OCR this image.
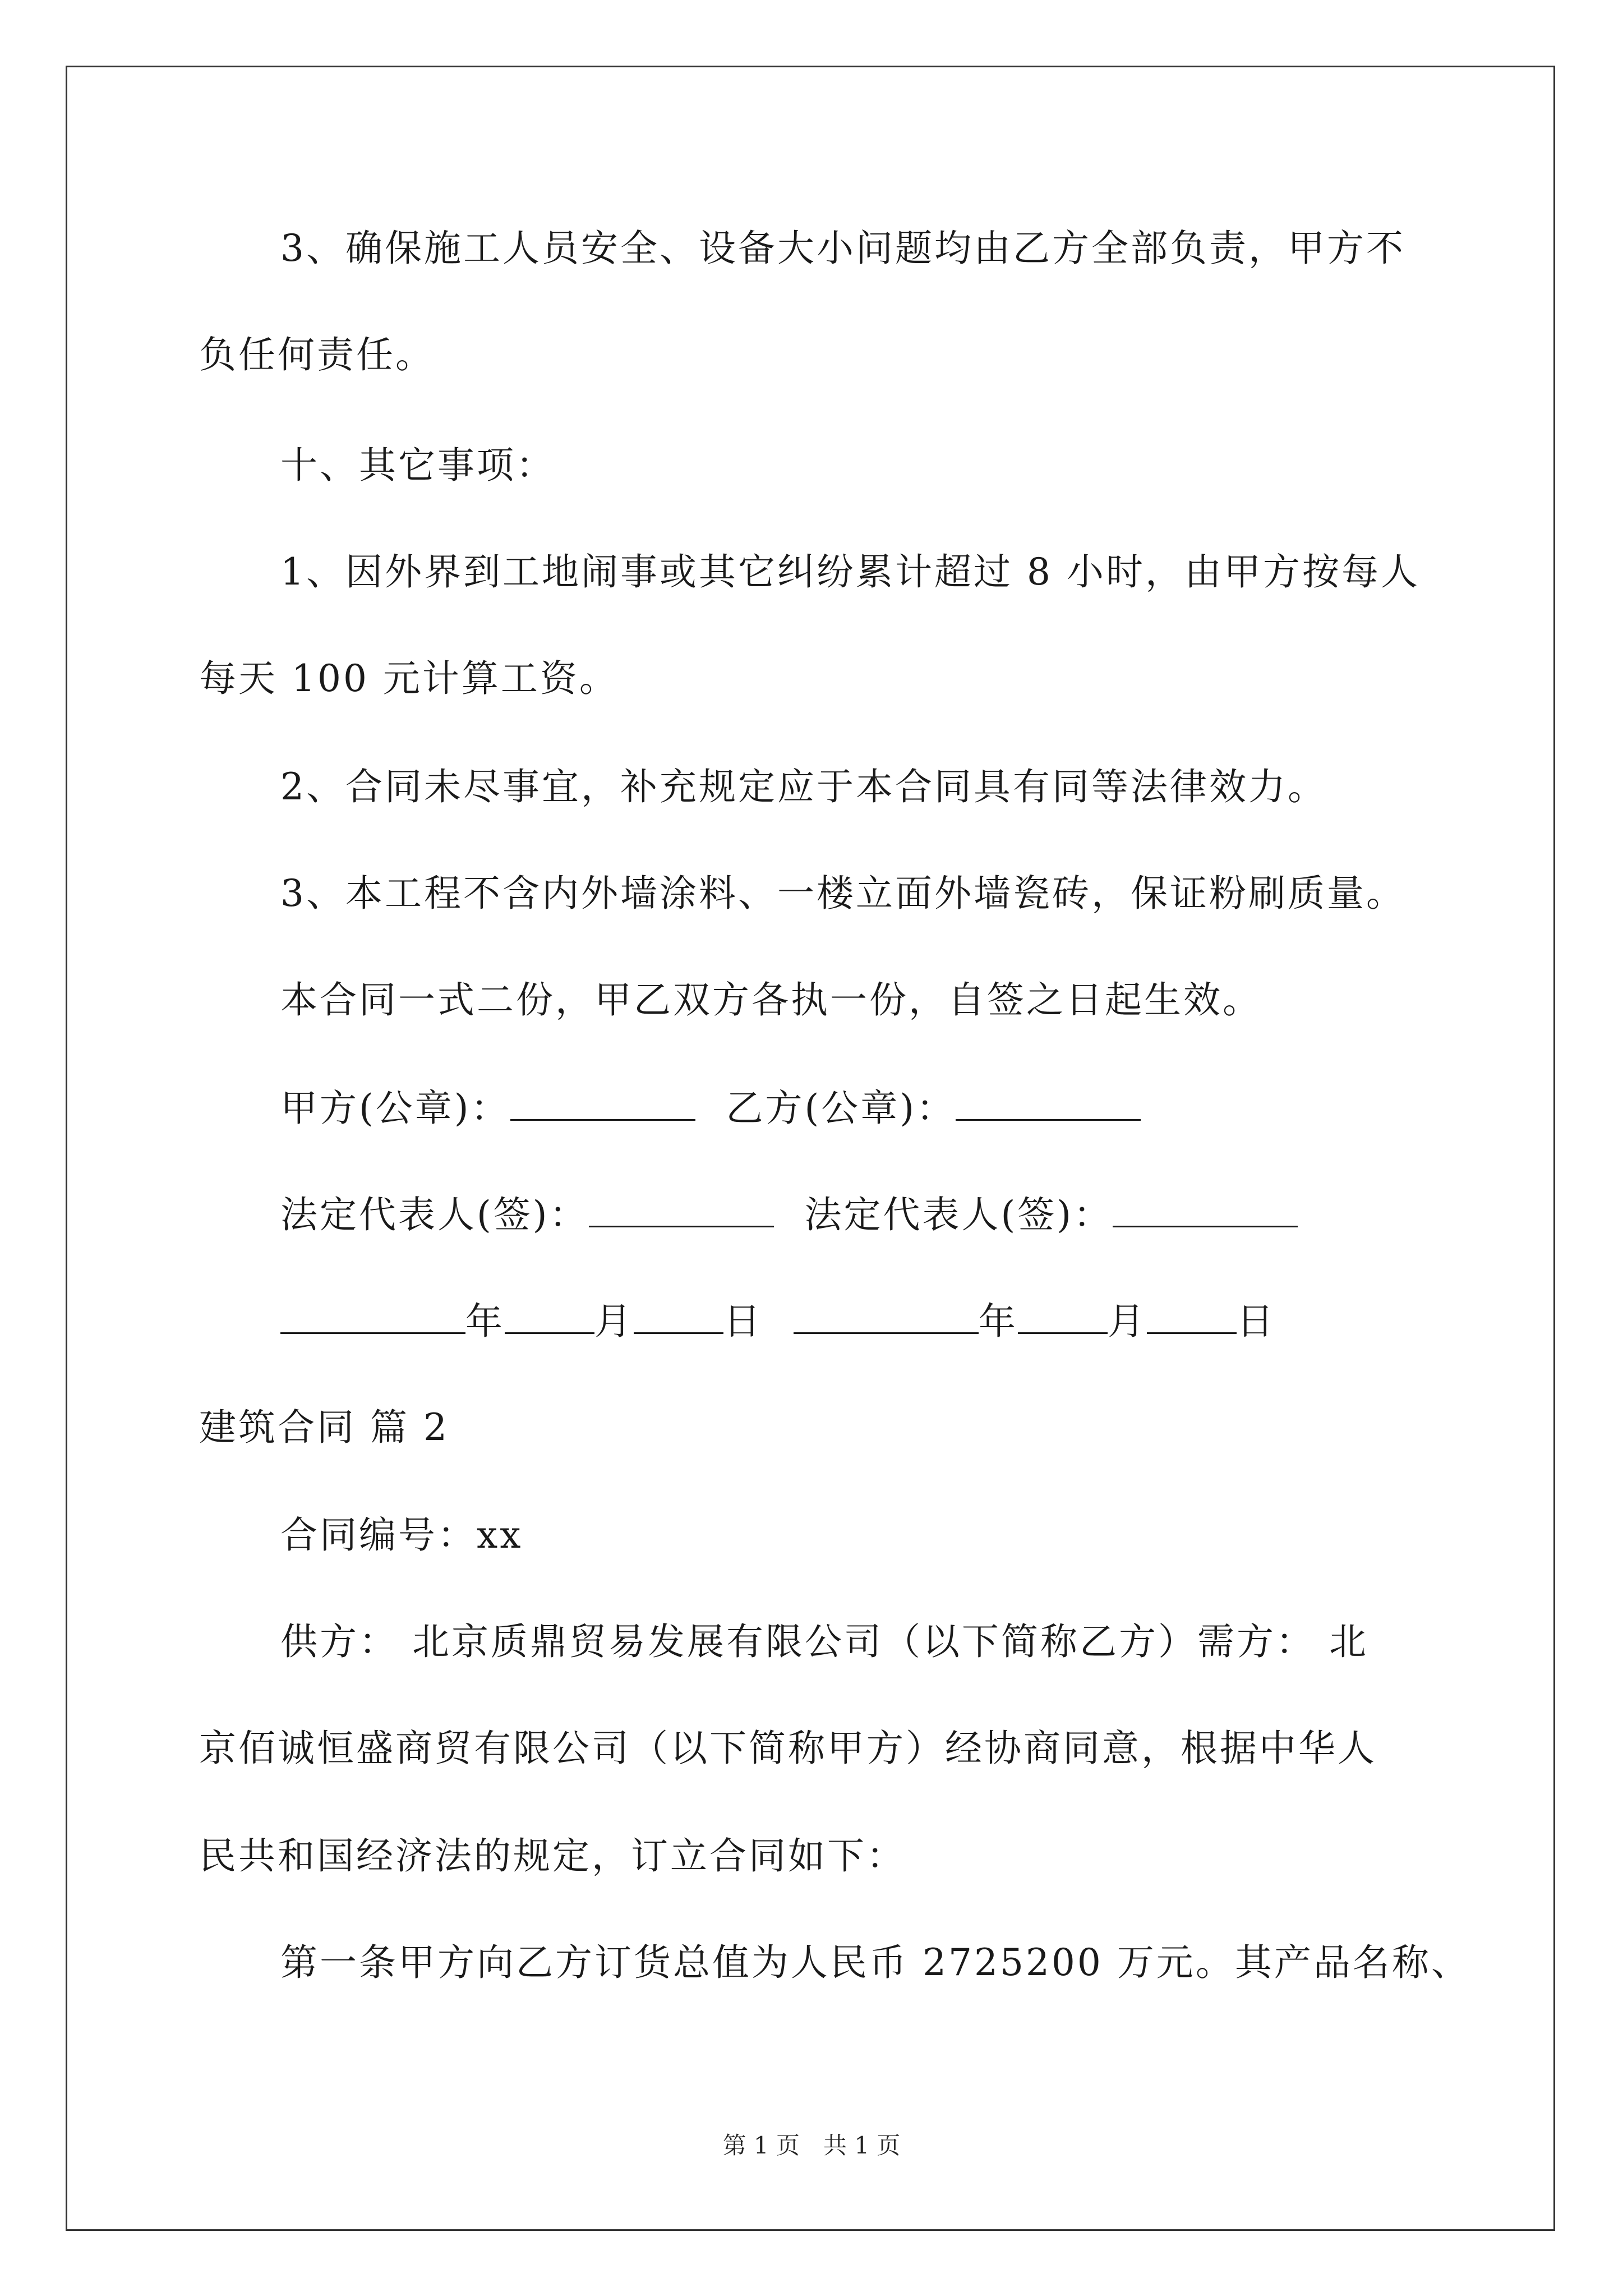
3、确保施工人员安全、设备大小问题均由乙方全部负责，甲方不
负任何责任。
十、其它事项：
1、因外界到工地闹事或其它纠纷累计超过 8 小时，由甲方按每人
每天 100 元计算工资。
2、合同未尽事宜，补充规定应于本合同具有同等法律效力。
3、本工程不含内外墙涂料、一楼立面外墙瓷砖，保证粉刷质量。
本合同一式二份，甲乙双方各执一份，自签之日起生效。
甲方(公章)：	乙方(公章)：
法定代表人(签)：	法定代表人(签)：
年 月 日	年 月 日
建筑合同 篇 2
合同编号：xx
供方： 北京质鼎贸易发展有限公司（以下简称乙方）需方： 北
京佰诚恒盛商贸有限公司（以下简称甲方）经协商同意，根据中华人
民共和国经济法的规定，订立合同如下：
第一条甲方向乙方订货总值为人民币 2725200 万元。其产品名称、
第 1 页　共 1 页
